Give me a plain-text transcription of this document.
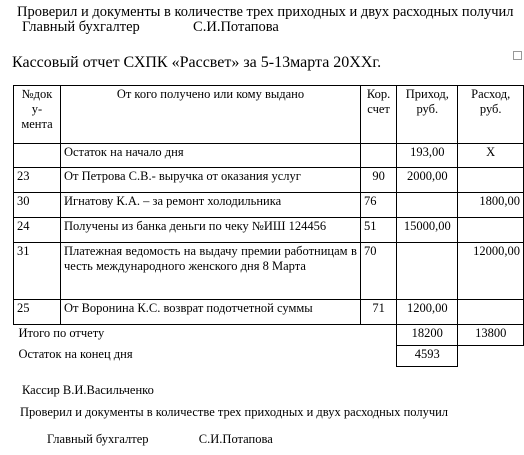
Проверил и документы в количестве трех приходных и двух расходных получил
Главный бухгалтер	С.И.Потапова
Кассовый отчет СХПК «Рассвет» за 5-13марта 20ХХг.
№док у- мента	От кого получено или кому выдано	Кор. счет	Приход, руб.	Расход, руб.
	Остаток на начало дня		193,00	Х
23	От Петрова С.В.- выручка от оказания услуг	90	2000,00	
30	Игнатову К.А. – за ремонт холодильника	76		1800,00
24	Получены из банка деньги по чеку №ИШ 124456	51	15000,00	
31	Платежная ведомость на выдачу премии работницам в честь международного женского дня 8 Марта	70		12000,00
25	От Воронина К.С. возврат подотчетной суммы	71	1200,00	
Итого по отчету			18200	13800
Остаток на конец дня			4593	
Кассир В.И.Васильченко
Проверил и документы в количестве трех приходных и двух расходных получил
Главный бухгалтер	С.И.Потапова
